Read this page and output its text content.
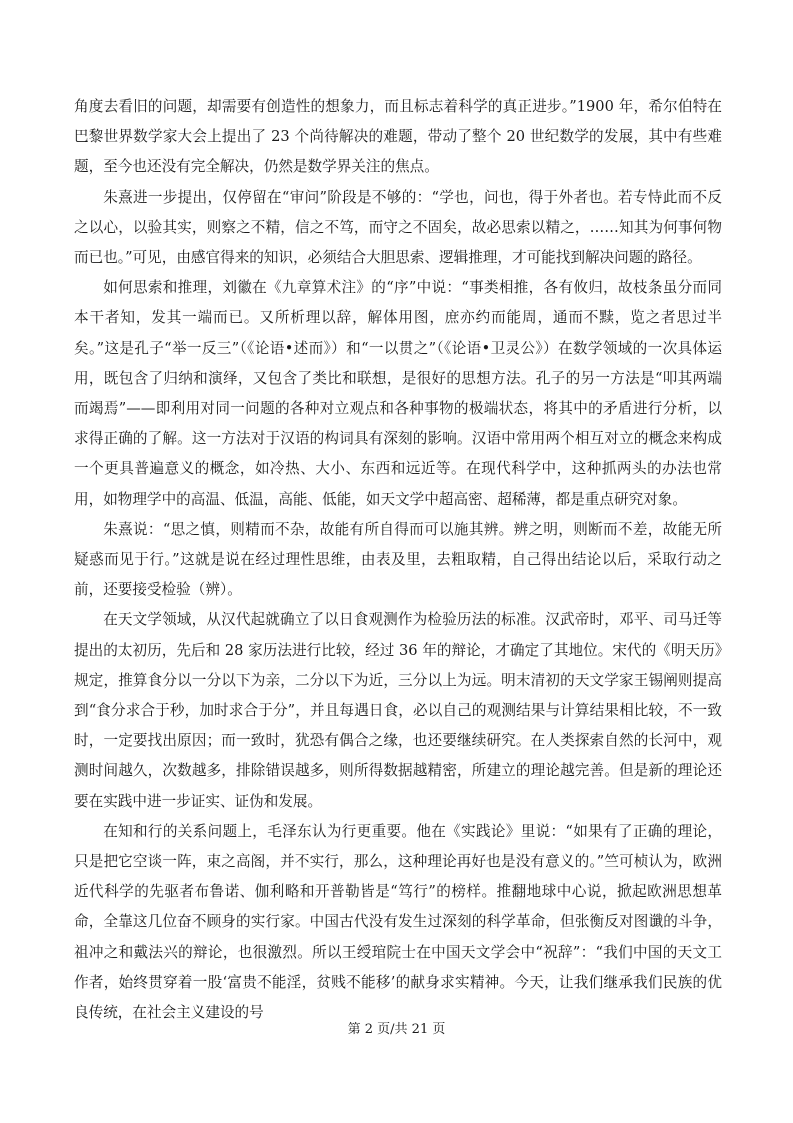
角度去看旧的问题，却需要有创造性的想象力，而且标志着科学的真正进步。”1900 年，希尔伯特在巴黎世界数学家大会上提出了 23 个尚待解决的难题，带动了整个 20 世纪数学的发展，其中有些难题，至今也还没有完全解决，仍然是数学界关注的焦点。

朱熹进一步提出，仅停留在“审问”阶段是不够的：“学也，问也，得于外者也。若专恃此而不反之以心，以验其实，则察之不精，信之不笃，而守之不固矣，故必思索以精之，……知其为何事何物而已也。”可见，由感官得来的知识，必须结合大胆思索、逻辑推理，才可能找到解决问题的路径。

如何思索和推理，刘徽在《九章算术注》的“序”中说：“事类相推，各有攸归，故枝条虽分而同本干者知，发其一端而已。又所析理以辞，解体用图，庶亦约而能周，通而不黩，览之者思过半矣。”这是孔子“举一反三”（《论语•述而》）和“一以贯之”（《论语•卫灵公》）在数学领域的一次具体运用，既包含了归纳和演绎，又包含了类比和联想，是很好的思想方法。孔子的另一方法是“叩其两端而竭焉”——即利用对同一问题的各种对立观点和各种事物的极端状态，将其中的矛盾进行分析，以求得正确的了解。这一方法对于汉语的构词具有深刻的影响。汉语中常用两个相互对立的概念来构成一个更具普遍意义的概念，如冷热、大小、东西和远近等。在现代科学中，这种抓两头的办法也常用，如物理学中的高温、低温，高能、低能，如天文学中超高密、超稀薄，都是重点研究对象。

朱熹说：“思之慎，则精而不杂，故能有所自得而可以施其辨。辨之明，则断而不差，故能无所疑惑而见于行。”这就是说在经过理性思维，由表及里，去粗取精，自己得出结论以后，采取行动之前，还要接受检验（辨）。

在天文学领域，从汉代起就确立了以日食观测作为检验历法的标准。汉武帝时，邓平、司马迁等提出的太初历，先后和 28 家历法进行比较，经过 36 年的辩论，才确定了其地位。宋代的《明天历》规定，推算食分以一分以下为亲，二分以下为近，三分以上为远。明末清初的天文学家王锡阐则提高到“食分求合于秒，加时求合于分”，并且每遇日食，必以自己的观测结果与计算结果相比较，不一致时，一定要找出原因；而一致时，犹恐有偶合之缘，也还要继续研究。在人类探索自然的长河中，观测时间越久，次数越多，排除错误越多，则所得数据越精密，所建立的理论越完善。但是新的理论还要在实践中进一步证实、证伪和发展。

在知和行的关系问题上，毛泽东认为行更重要。他在《实践论》里说：“如果有了正确的理论，只是把它空谈一阵，束之高阁，并不实行，那么，这种理论再好也是没有意义的。”竺可桢认为，欧洲近代科学的先驱者布鲁诺、伽利略和开普勒皆是“笃行”的榜样。推翻地球中心说，掀起欧洲思想革命，全靠这几位奋不顾身的实行家。中国古代没有发生过深刻的科学革命，但张衡反对图谶的斗争，祖冲之和戴法兴的辩论，也很激烈。所以王绶琯院士在中国天文学会中“祝辞”：“我们中国的天文工作者，始终贯穿着一股‘富贵不能淫，贫贱不能移’的献身求实精神。今天，让我们继承我们民族的优良传统，在社会主义建设的号

第 2 页/共 21 页
